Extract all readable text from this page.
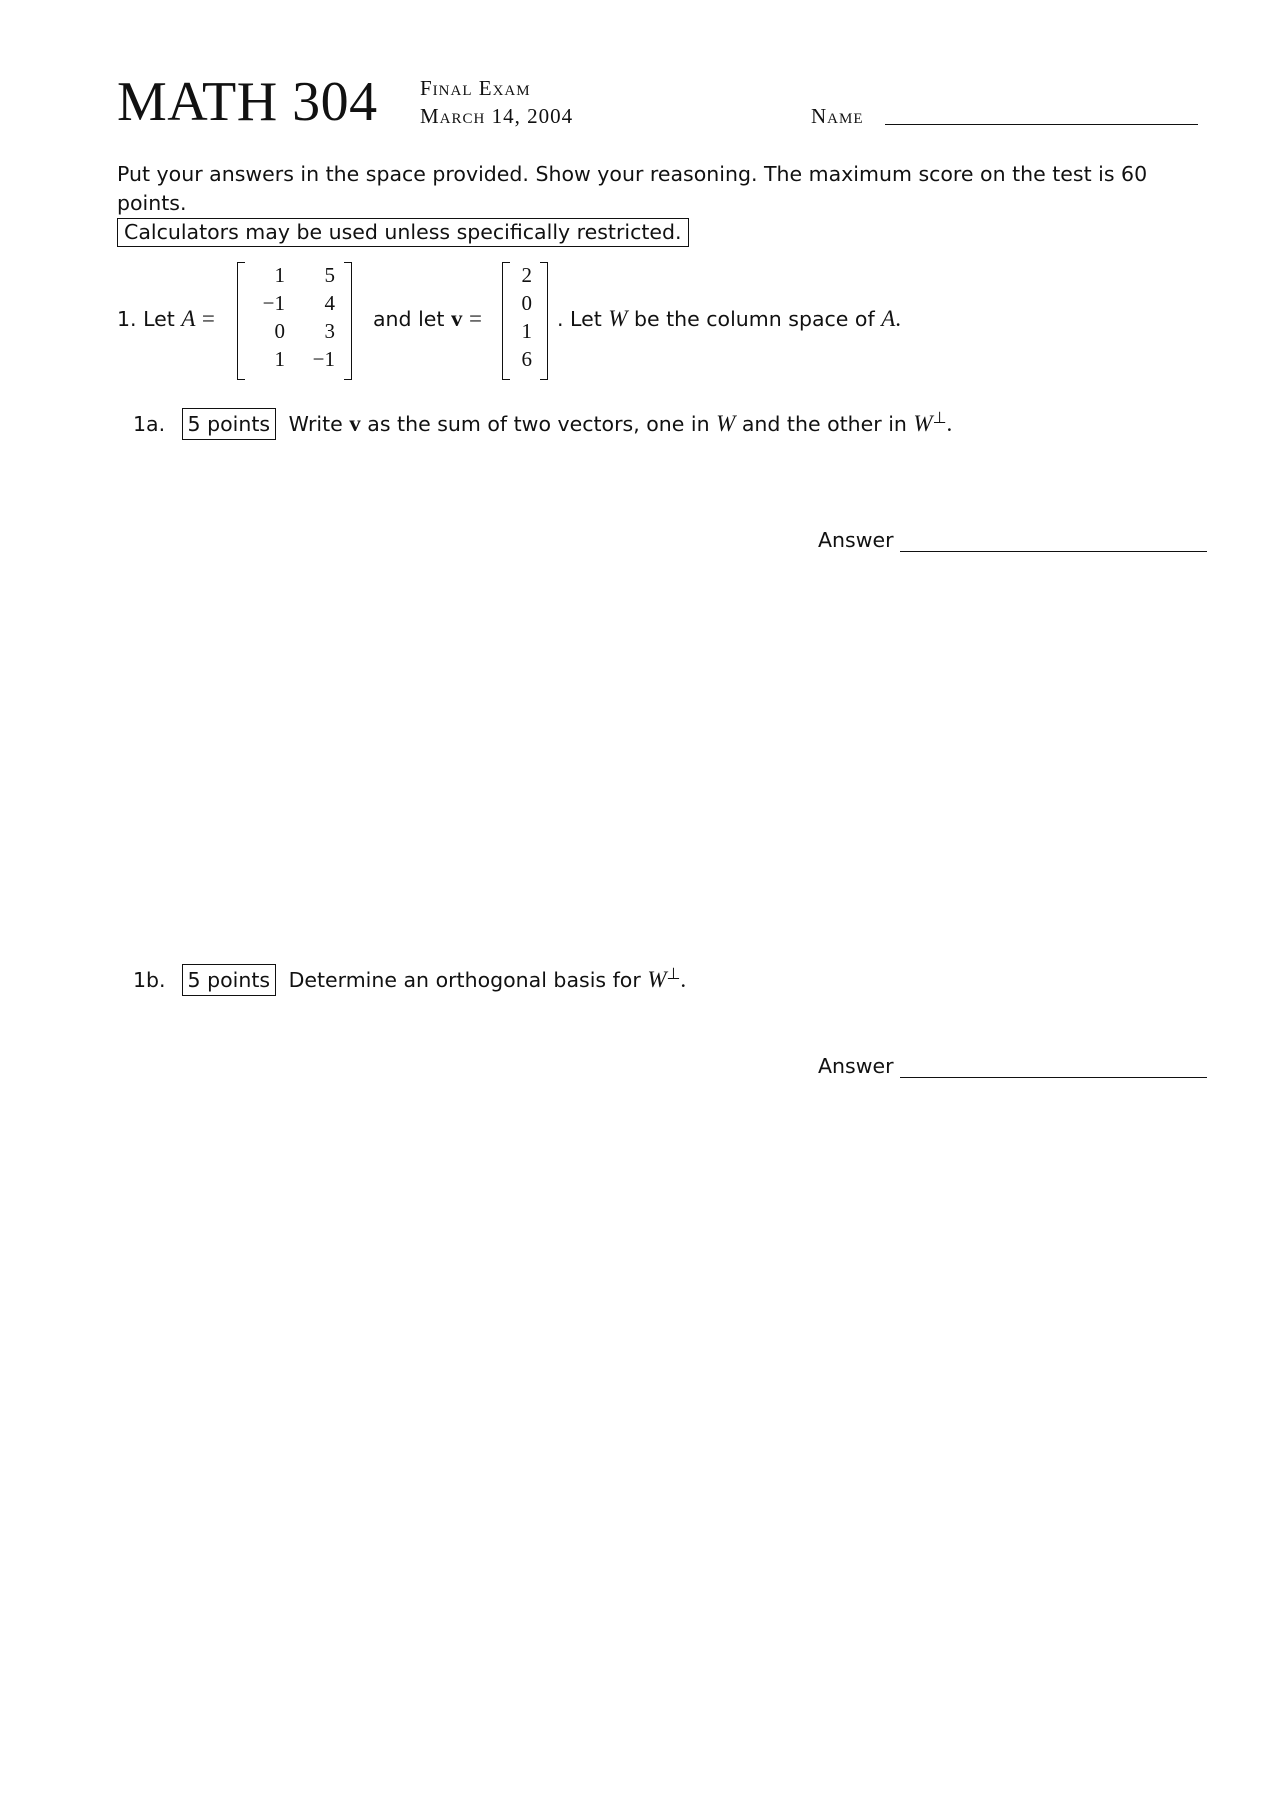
MATH 304 Final Exam
March 14, 2004	Name
Put your answers in the space provided. Show your reasoning. The maximum score on the test is 60 points.
Calculators may be used unless specifically restricted.
1. Let A =
1	5
−1	4
0	3
1	−1
and let v =
2
0
1
6
. Let W be the column space of A.
1a. 5 points Write v as the sum of two vectors, one in W and the other in W⊥.
Answer
1b. 5 points Determine an orthogonal basis for W⊥.
Answer
